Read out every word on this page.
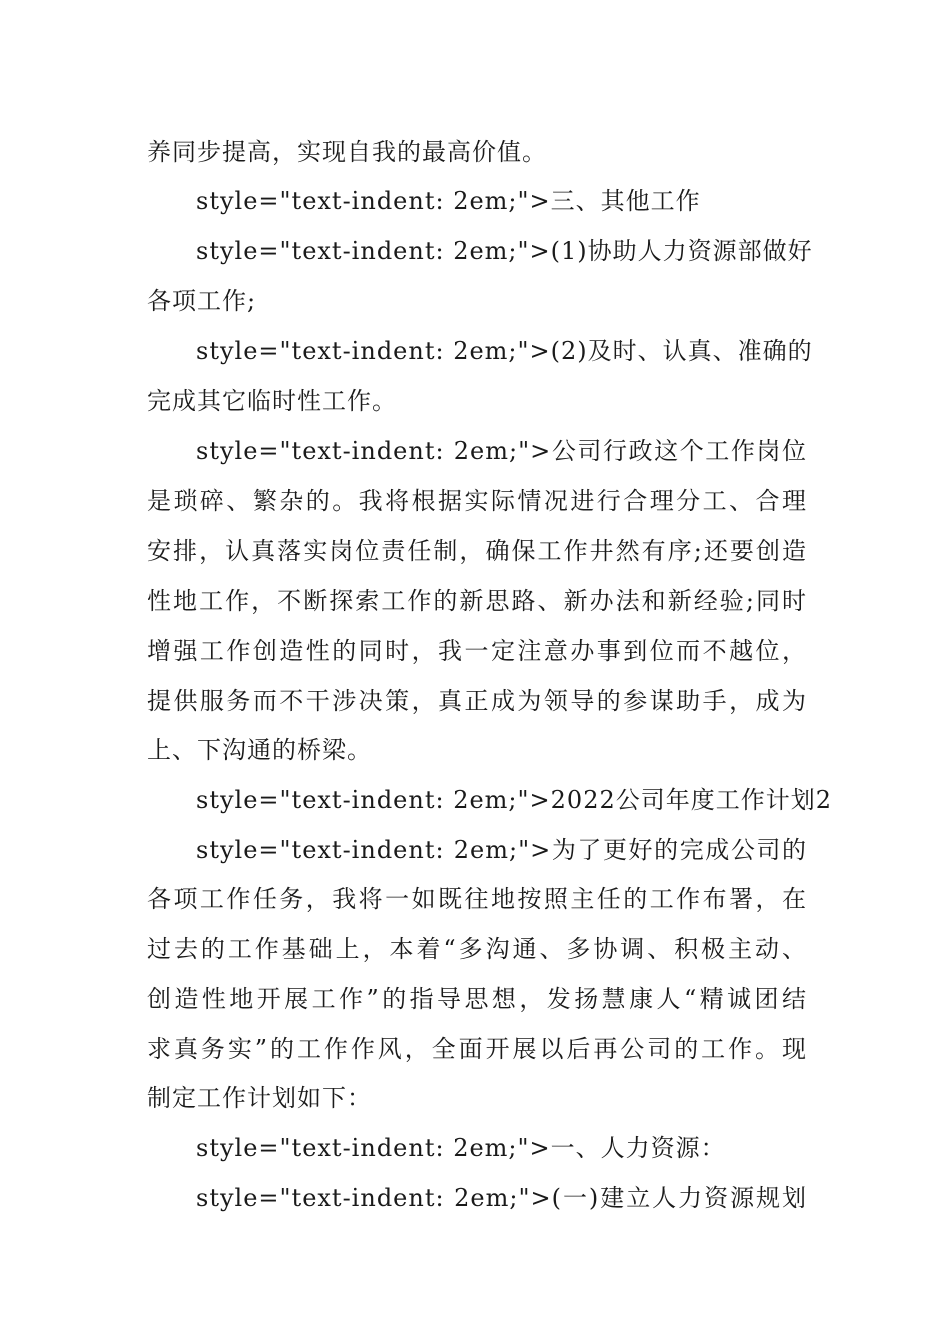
养同步提高，实现自我的最高价值。
style="text-indent: 2em;">三、其他工作
style="text-indent: 2em;">(1)协助人力资源部做好
各项工作;
style="text-indent: 2em;">(2)及时、认真、准确的
完成其它临时性工作。
style="text-indent: 2em;">公司行政这个工作岗位
是琐碎、繁杂的。我将根据实际情况进行合理分工、合理
安排，认真落实岗位责任制，确保工作井然有序;还要创造
性地工作，不断探索工作的新思路、新办法和新经验;同时
增强工作创造性的同时，我一定注意办事到位而不越位，
提供服务而不干涉决策，真正成为领导的参谋助手，成为
上、下沟通的桥梁。
style="text-indent: 2em;">2022公司年度工作计划2
style="text-indent: 2em;">为了更好的完成公司的
各项工作任务，我将一如既往地按照主任的工作布署，在
过去的工作基础上，本着“多沟通、多协调、积极主动、
创造性地开展工作”的指导思想，发扬慧康人“精诚团结
求真务实”的工作作风，全面开展以后再公司的工作。现
制定工作计划如下：
style="text-indent: 2em;">一、人力资源：
style="text-indent: 2em;">(一)建立人力资源规划
